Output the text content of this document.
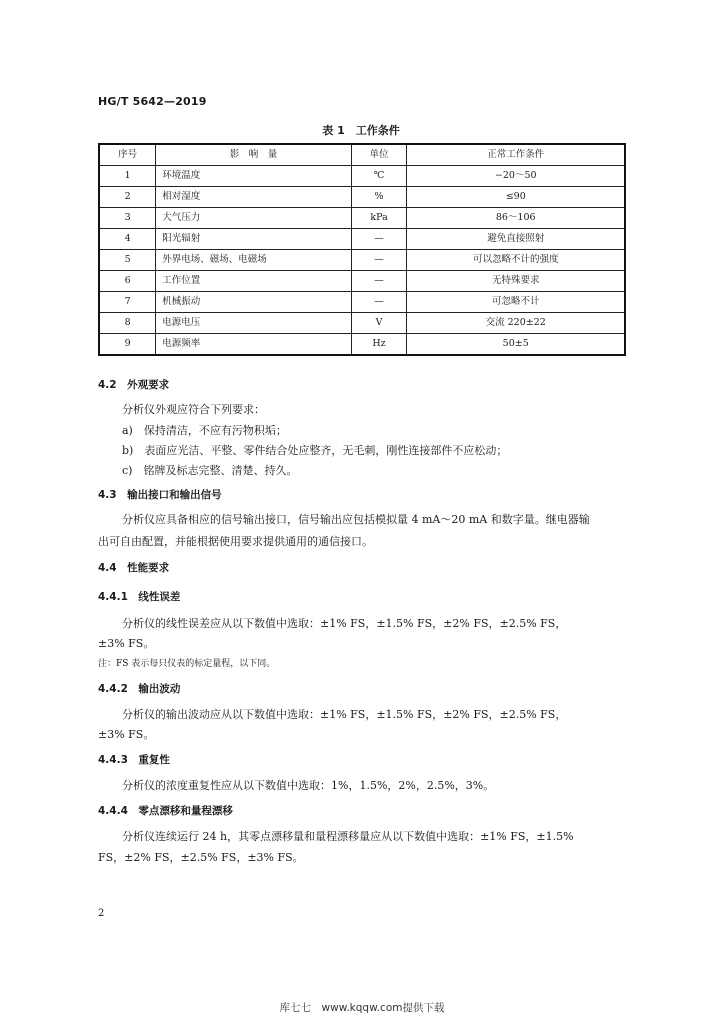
HG/T 5642—2019
表 1　工作条件
序号	影　响　量	单位	正常工作条件
1	环境温度	℃	−20～50
2	相对湿度	%	≤90
3	大气压力	kPa	86～106
4	阳光辐射	—	避免直接照射
5	外界电场、磁场、电磁场	—	可以忽略不计的强度
6	工作位置	—	无特殊要求
7	机械振动	—	可忽略不计
8	电源电压	V	交流 220±22
9	电源频率	Hz	50±5
4.2　外观要求
分析仪外观应符合下列要求：
a)　保持清洁，不应有污物积垢；
b)　表面应光洁、平整、零件结合处应整齐，无毛刺，刚性连接部件不应松动；
c)　铭牌及标志完整、清楚、持久。
4.3　输出接口和输出信号
分析仪应具备相应的信号输出接口，信号输出应包括模拟量 4 mA～20 mA 和数字量。继电器输
出可自由配置，并能根据使用要求提供通用的通信接口。
4.4　性能要求
4.4.1　线性误差
分析仪的线性误差应从以下数值中选取：±1% FS，±1.5% FS，±2% FS，±2.5% FS，
±3% FS。
注：FS 表示每只仪表的标定量程，以下同。
4.4.2　输出波动
分析仪的输出波动应从以下数值中选取：±1% FS，±1.5% FS，±2% FS，±2.5% FS，
±3% FS。
4.4.3　重复性
分析仪的浓度重复性应从以下数值中选取：1%，1.5%，2%，2.5%，3%。
4.4.4　零点漂移和量程漂移
分析仪连续运行 24 h，其零点漂移量和量程漂移量应从以下数值中选取：±1% FS，±1.5%
FS，±2% FS，±2.5% FS，±3% FS。
2
库七七　www.kqqw.com提供下载
